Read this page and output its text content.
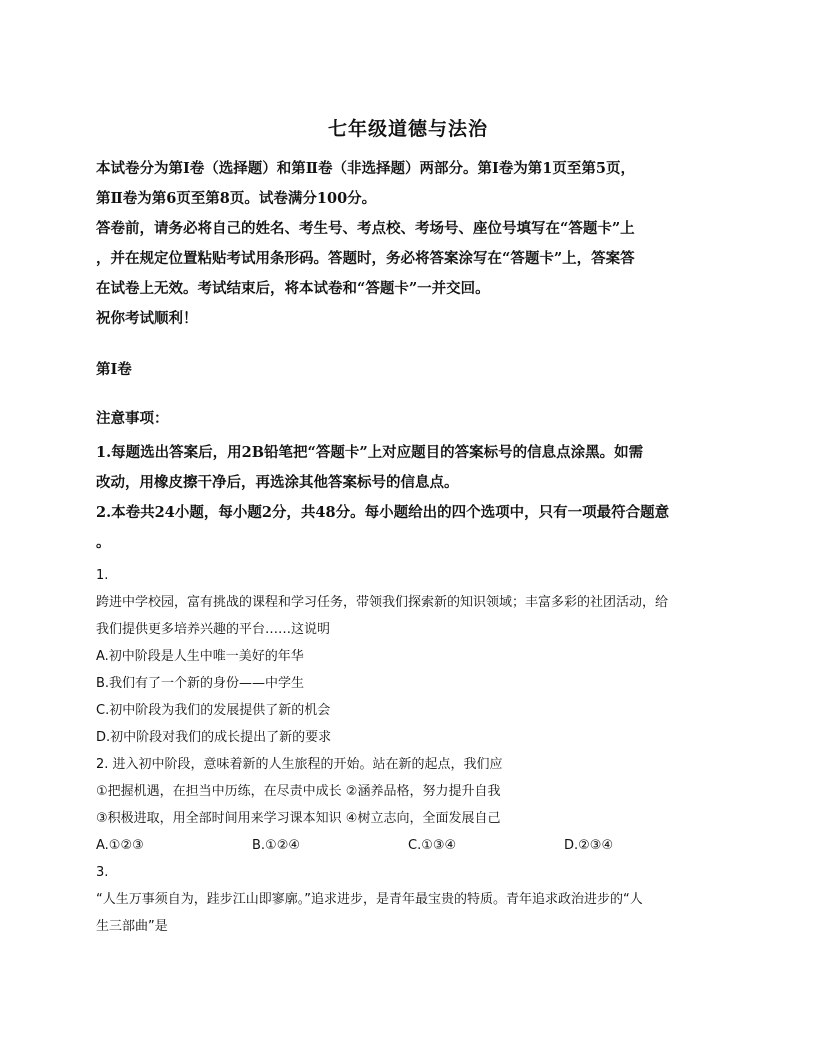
七年级道德与法治
本试卷分为第Ⅰ卷（选择题）和第Ⅱ卷（非选择题）两部分。第Ⅰ卷为第1页至第5页，
第Ⅱ卷为第6页至第8页。试卷满分100分。
答卷前，请务必将自己的姓名、考生号、考点校、考场号、座位号填写在“答题卡”上
，并在规定位置粘贴考试用条形码。答题时，务必将答案涂写在“答题卡”上，答案答
在试卷上无效。考试结束后，将本试卷和“答题卡”一并交回。
祝你考试顺利！
第Ⅰ卷
注意事项：
1.每题选出答案后，用2B铅笔把“答题卡”上对应题目的答案标号的信息点涂黑。如需
改动，用橡皮擦干净后，再选涂其他答案标号的信息点。
2.本卷共24小题，每小题2分，共48分。每小题给出的四个选项中，只有一项最符合题意
。
1.
跨进中学校园，富有挑战的课程和学习任务，带领我们探索新的知识领域；丰富多彩的社团活动，给
我们提供更多培养兴趣的平台……这说明
A.初中阶段是人生中唯一美好的年华
B.我们有了一个新的身份——中学生
C.初中阶段为我们的发展提供了新的机会
D.初中阶段对我们的成长提出了新的要求
2. 进入初中阶段，意味着新的人生旅程的开始。站在新的起点，我们应
①把握机遇，在担当中历练，在尽责中成长 ②涵养品格，努力提升自我
③积极进取，用全部时间用来学习课本知识 ④树立志向，全面发展自己
A.①②③	B.①②④	C.①③④	D.②③④
3.
“人生万事须自为，跬步江山即寥廓。”追求进步，是青年最宝贵的特质。青年追求政治进步的“人
生三部曲”是
